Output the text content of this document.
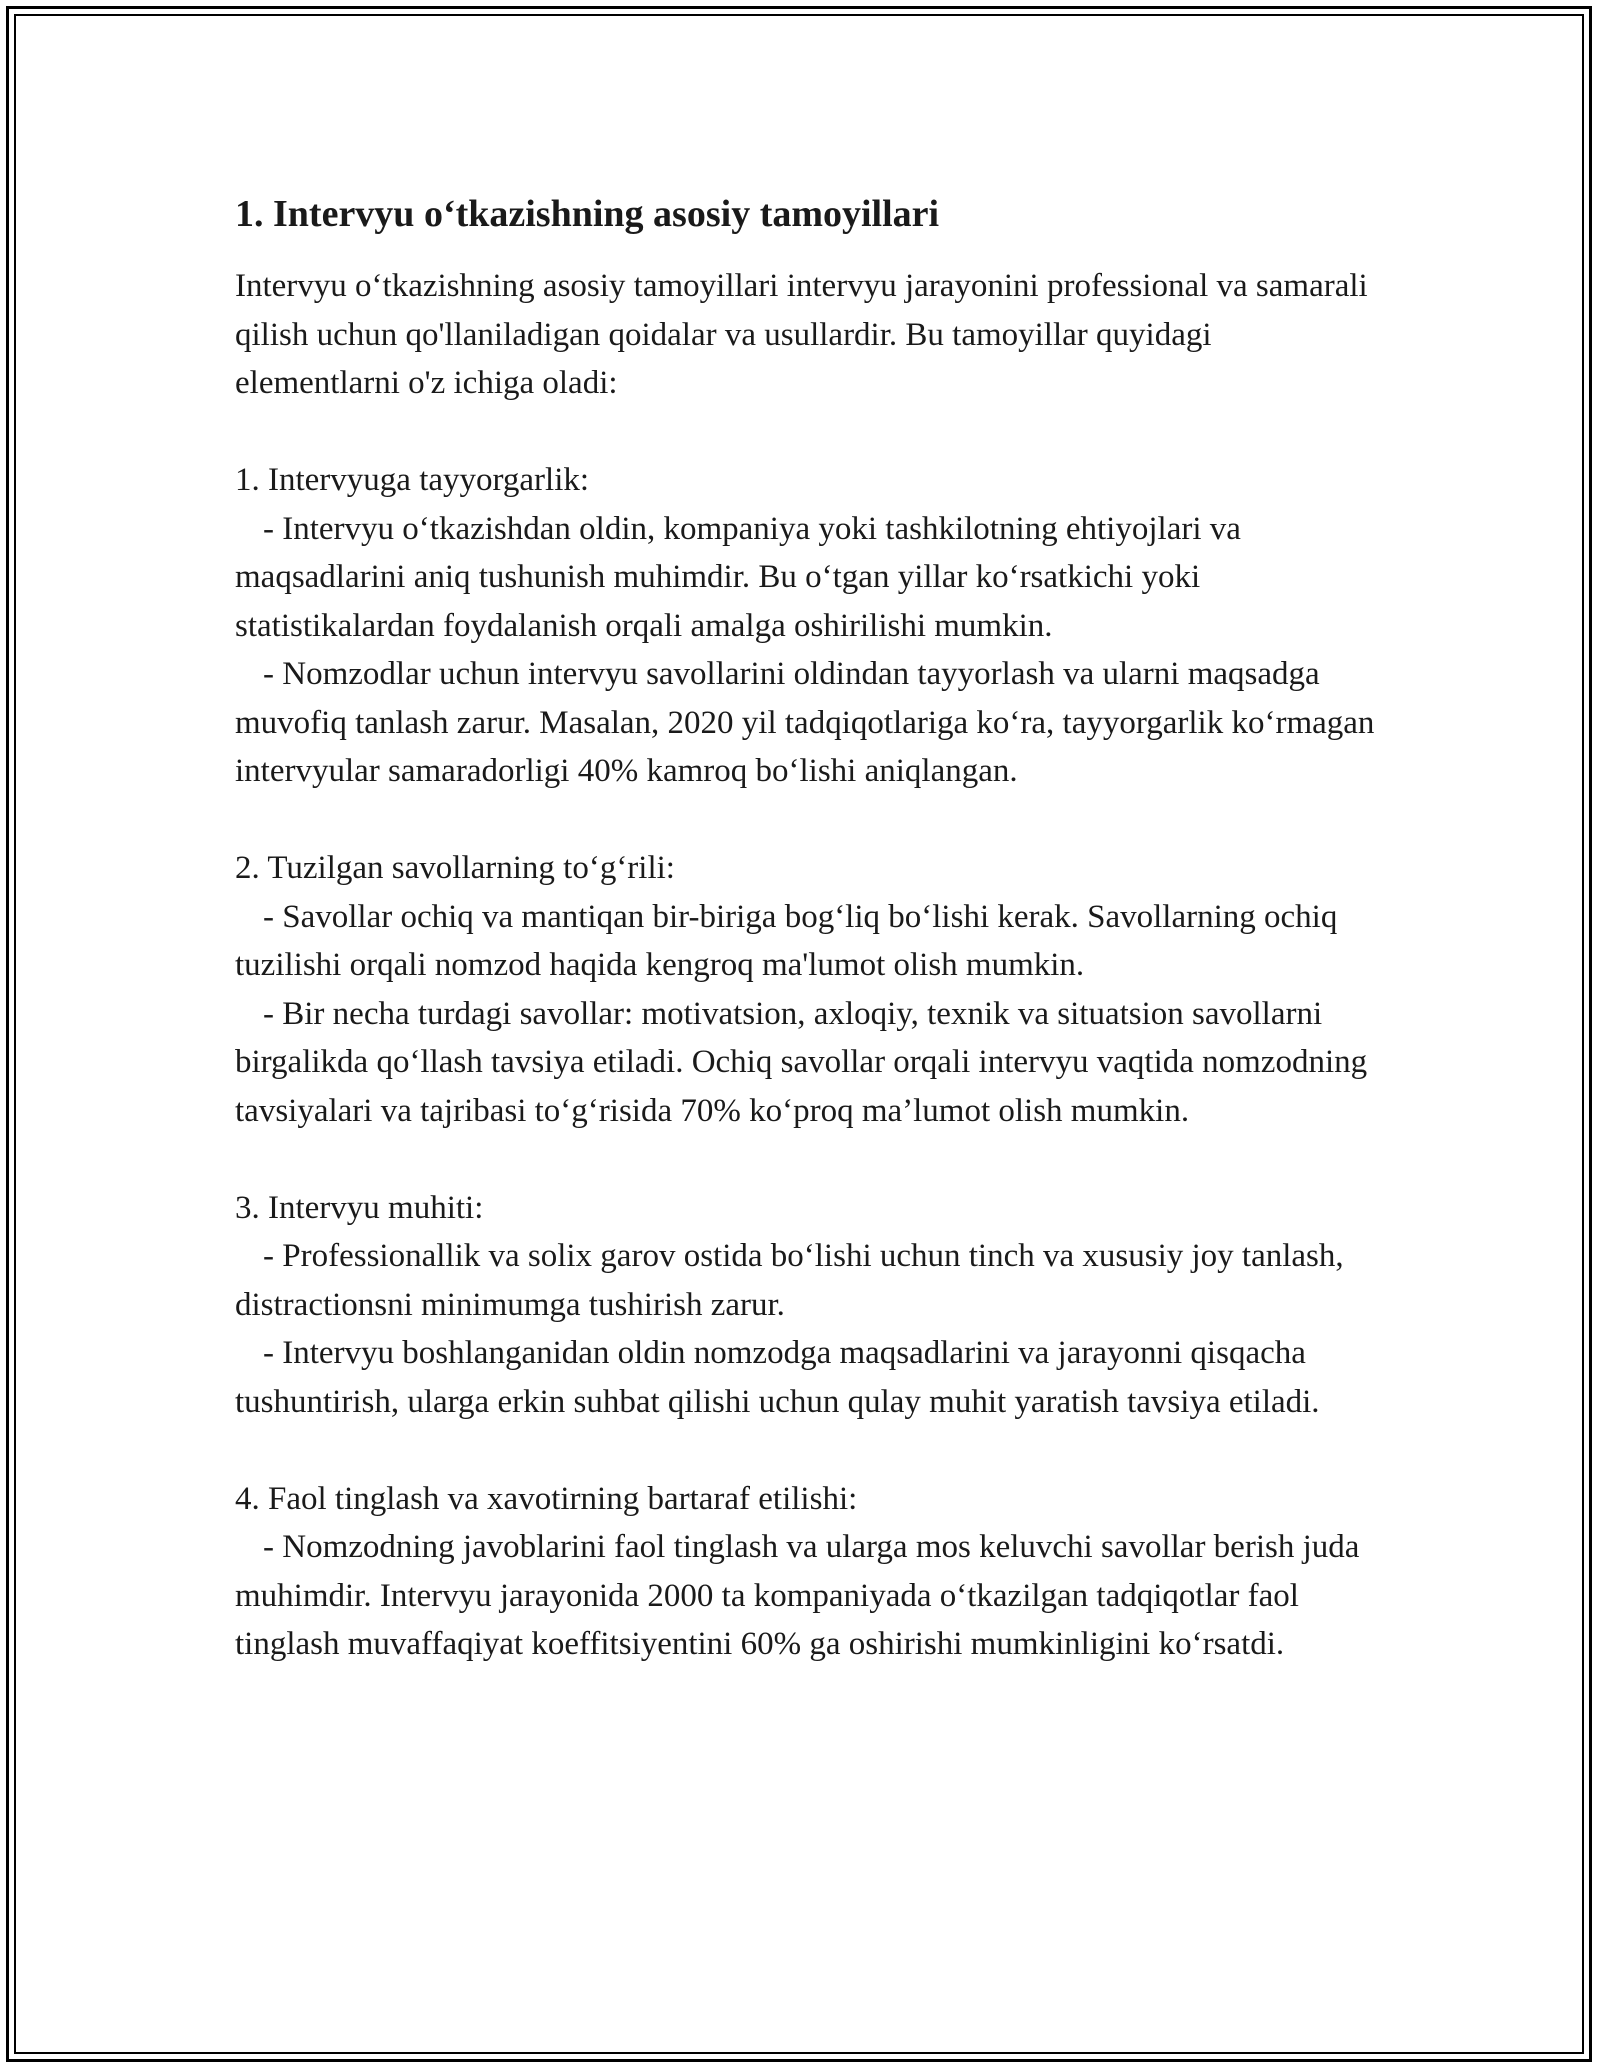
1. Intervyu o‘tkazishning asosiy tamoyillari

Intervyu o‘tkazishning asosiy tamoyillari intervyu jarayonini professional va samarali qilish uchun qo'llaniladigan qoidalar va usullardir. Bu tamoyillar quyidagi elementlarni o'z ichiga oladi:

1. Intervyuga tayyorgarlik:

- Intervyu o‘tkazishdan oldin, kompaniya yoki tashkilotning ehtiyojlari va maqsadlarini aniq tushunish muhimdir. Bu o‘tgan yillar ko‘rsatkichi yoki statistikalardan foydalanish orqali amalga oshirilishi mumkin.

- Nomzodlar uchun intervyu savollarini oldindan tayyorlash va ularni maqsadga muvofiq tanlash zarur. Masalan, 2020 yil tadqiqotlariga ko‘ra, tayyorgarlik ko‘rmagan intervyular samaradorligi 40% kamroq bo‘lishi aniqlangan.

2. Tuzilgan savollarning to‘g‘rili:

- Savollar ochiq va mantiqan bir-biriga bog‘liq bo‘lishi kerak. Savollarning ochiq tuzilishi orqali nomzod haqida kengroq ma'lumot olish mumkin.

- Bir necha turdagi savollar: motivatsion, axloqiy, texnik va situatsion savollarni birgalikda qo‘llash tavsiya etiladi. Ochiq savollar orqali intervyu vaqtida nomzodning tavsiyalari va tajribasi to‘g‘risida 70% ko‘proq ma’lumot olish mumkin.

3. Intervyu muhiti:

- Professionallik va solix garov ostida bo‘lishi uchun tinch va xususiy joy tanlash, distractionsni minimumga tushirish zarur.

- Intervyu boshlanganidan oldin nomzodga maqsadlarini va jarayonni qisqacha tushuntirish, ularga erkin suhbat qilishi uchun qulay muhit yaratish tavsiya etiladi.

4. Faol tinglash va xavotirning bartaraf etilishi:

- Nomzodning javoblarini faol tinglash va ularga mos keluvchi savollar berish juda muhimdir. Intervyu jarayonida 2000 ta kompaniyada o‘tkazilgan tadqiqotlar faol tinglash muvaffaqiyat koeffitsiyentini 60% ga oshirishi mumkinligini ko‘rsatdi.
